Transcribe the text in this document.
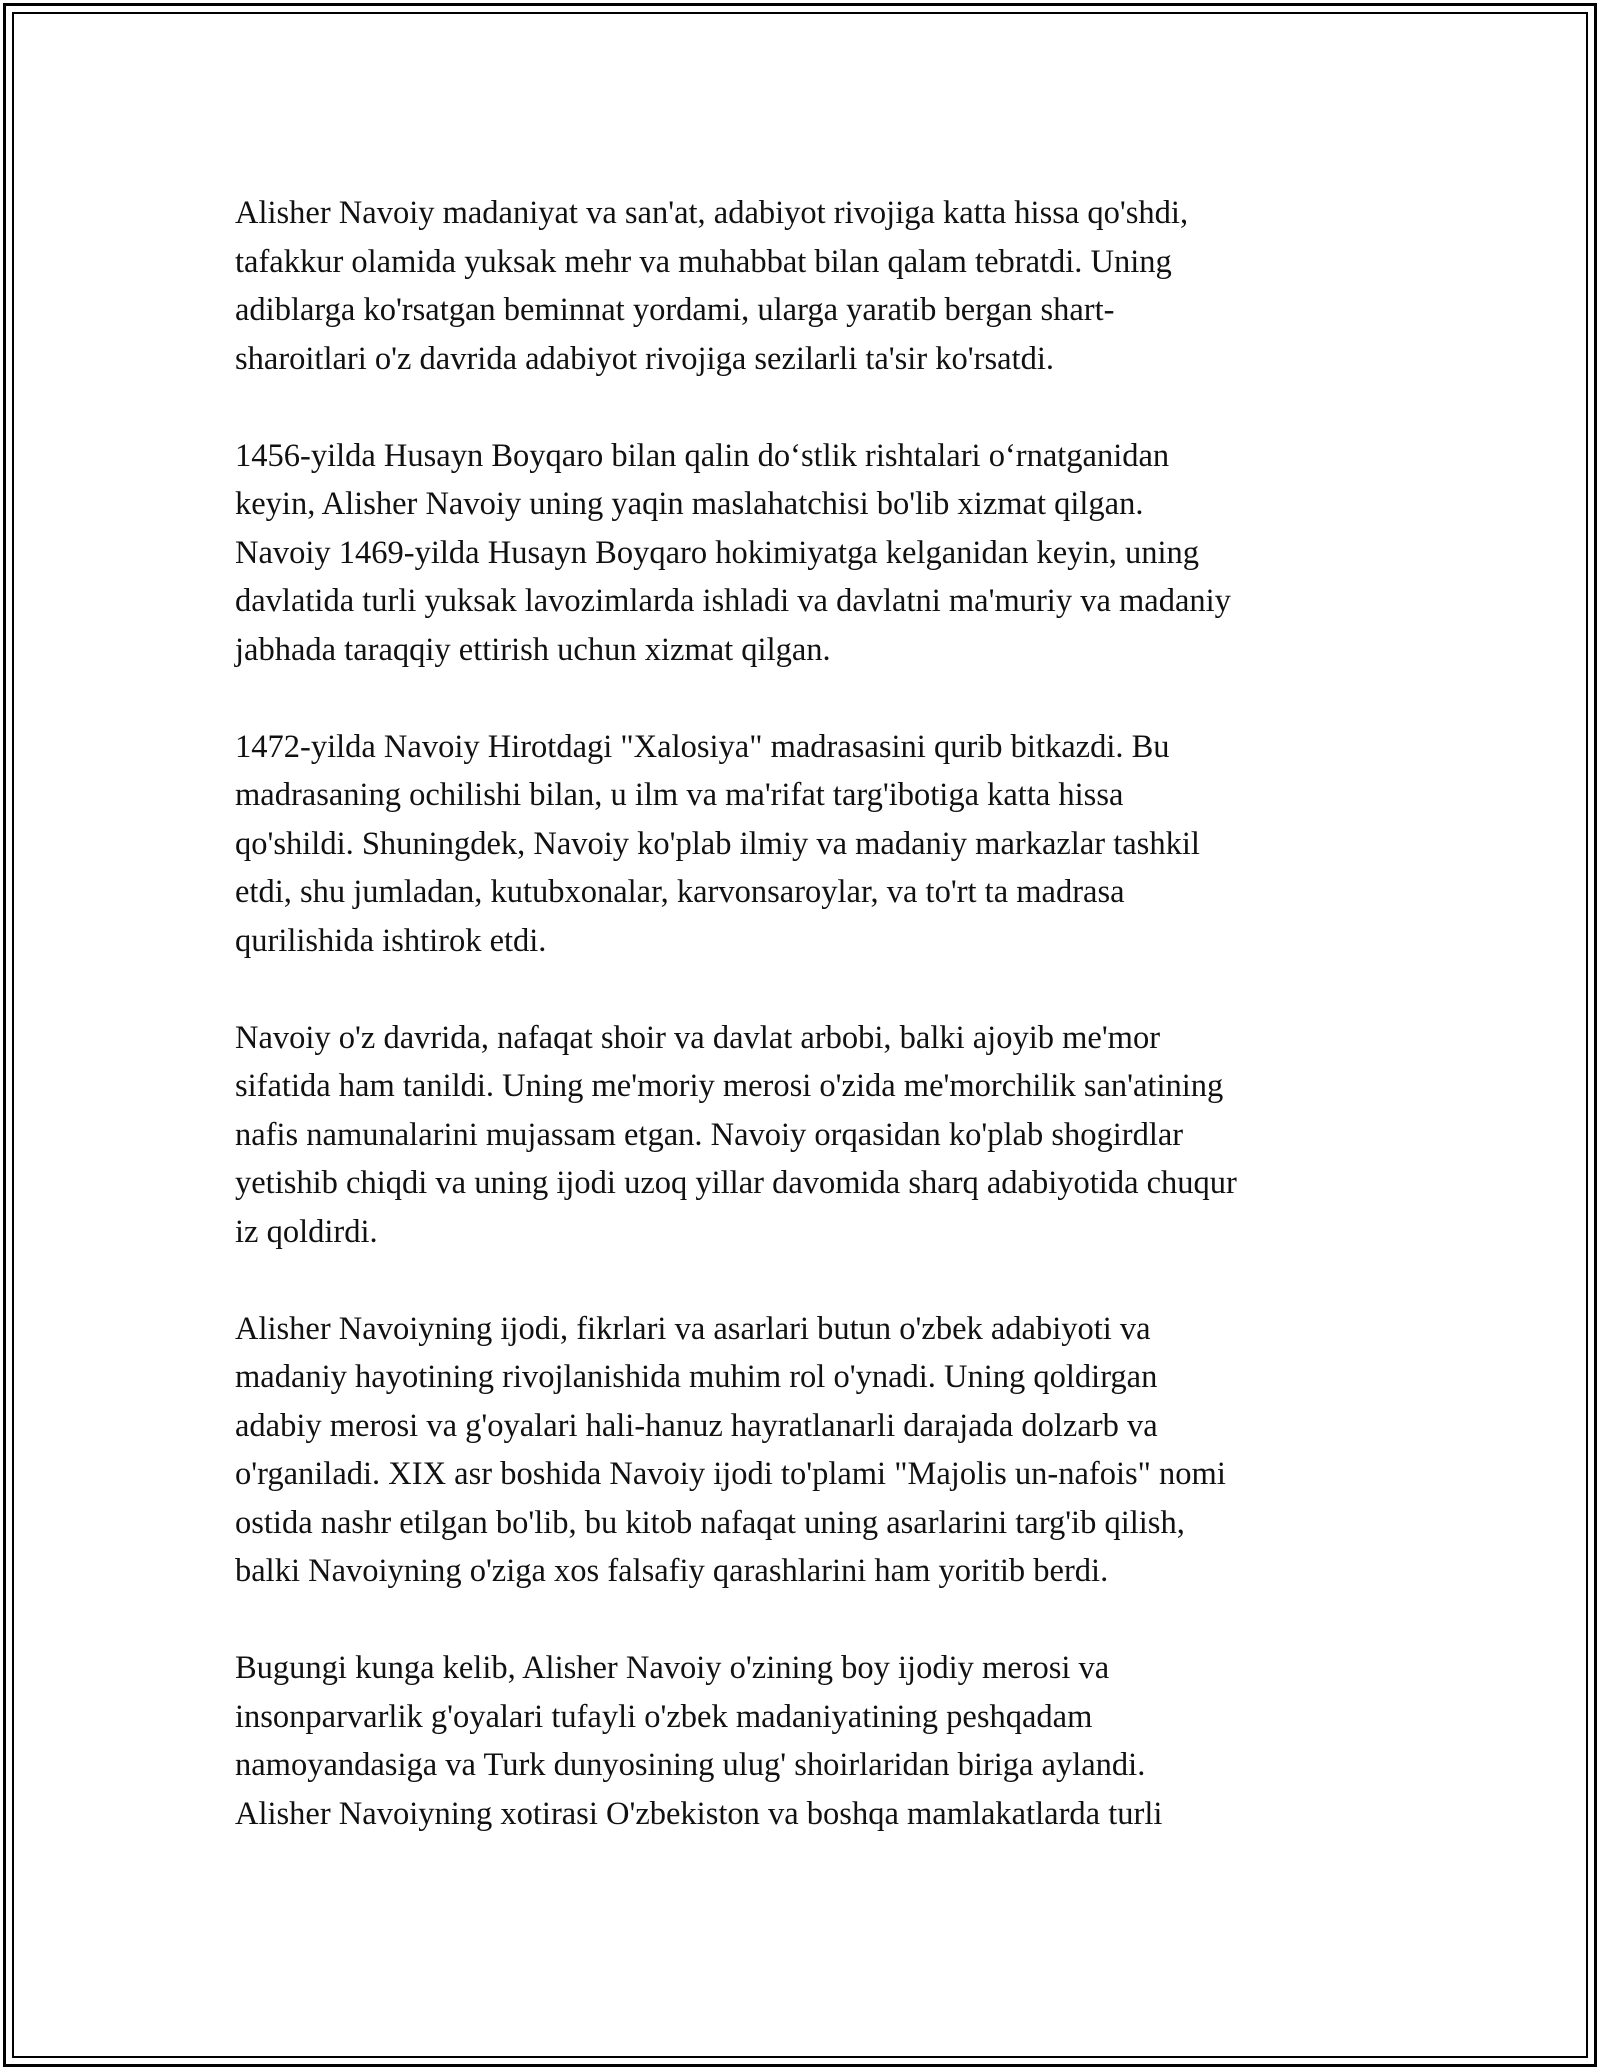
Alisher Navoiy madaniyat va san'at, adabiyot rivojiga katta hissa qo'shdi,
tafakkur olamida yuksak mehr va muhabbat bilan qalam tebratdi. Uning
adiblarga ko'rsatgan beminnat yordami, ularga yaratib bergan shart-
sharoitlari o'z davrida adabiyot rivojiga sezilarli ta'sir ko'rsatdi.

1456-yilda Husayn Boyqaro bilan qalin do‘stlik rishtalari o‘rnatganidan
keyin, Alisher Navoiy uning yaqin maslahatchisi bo'lib xizmat qilgan.
Navoiy 1469-yilda Husayn Boyqaro hokimiyatga kelganidan keyin, uning
davlatida turli yuksak lavozimlarda ishladi va davlatni ma'muriy va madaniy
jabhada taraqqiy ettirish uchun xizmat qilgan.

1472-yilda Navoiy Hirotdagi "Xalosiya" madrasasini qurib bitkazdi. Bu
madrasaning ochilishi bilan, u ilm va ma'rifat targ'ibotiga katta hissa
qo'shildi. Shuningdek, Navoiy ko'plab ilmiy va madaniy markazlar tashkil
etdi, shu jumladan, kutubxonalar, karvonsaroylar, va to'rt ta madrasa
qurilishida ishtirok etdi.

Navoiy o'z davrida, nafaqat shoir va davlat arbobi, balki ajoyib me'mor
sifatida ham tanildi. Uning me'moriy merosi o'zida me'morchilik san'atining
nafis namunalarini mujassam etgan. Navoiy orqasidan ko'plab shogirdlar
yetishib chiqdi va uning ijodi uzoq yillar davomida sharq adabiyotida chuqur
iz qoldirdi.

Alisher Navoiyning ijodi, fikrlari va asarlari butun o'zbek adabiyoti va
madaniy hayotining rivojlanishida muhim rol o'ynadi. Uning qoldirgan
adabiy merosi va g'oyalari hali-hanuz hayratlanarli darajada dolzarb va
o'rganiladi. XIX asr boshida Navoiy ijodi to'plami "Majolis un-nafois" nomi
ostida nashr etilgan bo'lib, bu kitob nafaqat uning asarlarini targ'ib qilish,
balki Navoiyning o'ziga xos falsafiy qarashlarini ham yoritib berdi.

Bugungi kunga kelib, Alisher Navoiy o'zining boy ijodiy merosi va
insonparvarlik g'oyalari tufayli o'zbek madaniyatining peshqadam
namoyandasiga va Turk dunyosining ulug' shoirlaridan biriga aylandi.
Alisher Navoiyning xotirasi O'zbekiston va boshqa mamlakatlarda turli
